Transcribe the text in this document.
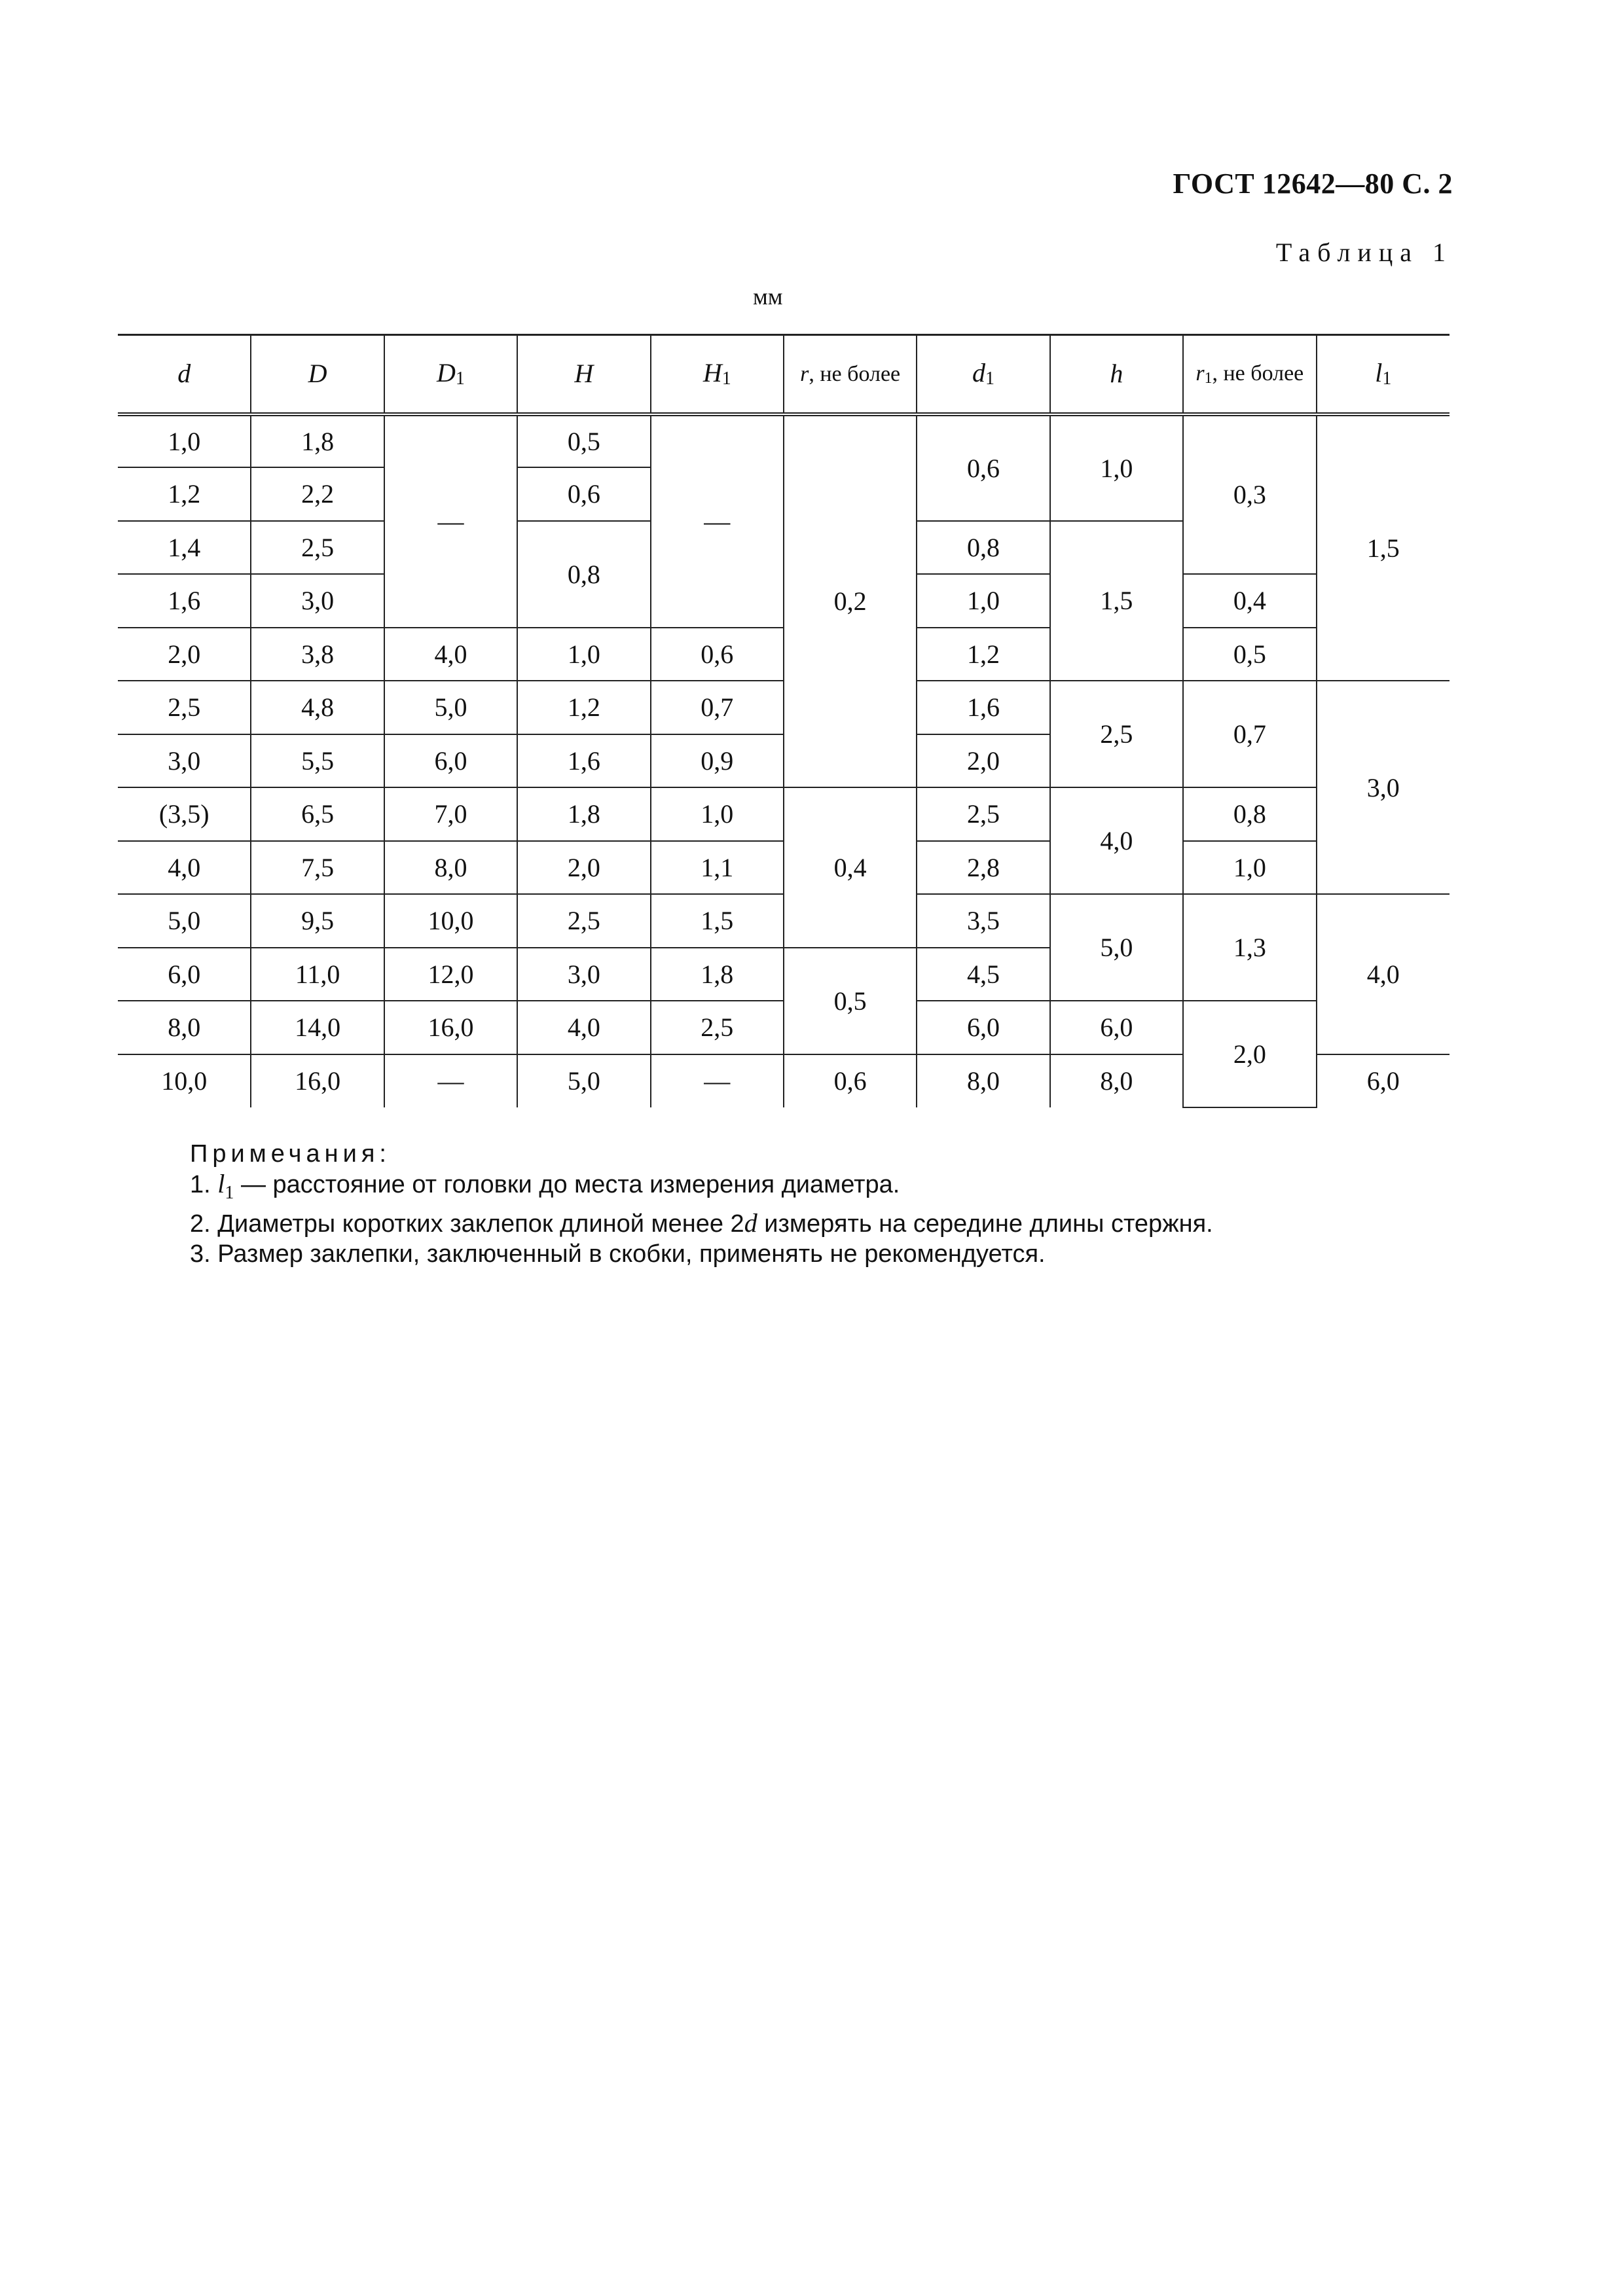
ГОСТ 12642—80 С. 2
Таблица 1
мм
d	D	$D_1$	H	$H_1$	r, не более	$d_1$	h	$r_1$, не более	$l_1$
1,0	1,8	—	0,5	—	0,2	0,6	1,0	0,3	1,5
1,2	2,2		0,6						
1,4	2,5		0,8			0,8	1,5		
1,6	3,0					1,0		0,4	
2,0	3,8	4,0	1,0	0,6		1,2		0,5	
2,5	4,8	5,0	1,2	0,7		1,6	2,5	0,7	3,0
3,0	5,5	6,0	1,6	0,9		2,0			
(3,5)	6,5	7,0	1,8	1,0	0,4	2,5	4,0	0,8	
4,0	7,5	8,0	2,0	1,1		2,8		1,0	
5,0	9,5	10,0	2,5	1,5		3,5	5,0	1,3	4,0
6,0	11,0	12,0	3,0	1,8	0,5	4,5			
8,0	14,0	16,0	4,0	2,5		6,0	6,0	2,0	
10,0	16,0	—	5,0	—	0,6	8,0	8,0		6,0
Примечания:
1. $l_1$ — расстояние от головки до места измерения диаметра.
2. Диаметры коротких заклепок длиной менее 2d измерять на середине длины стержня.
3. Размер заклепки, заключенный в скобки, применять не рекомендуется.
